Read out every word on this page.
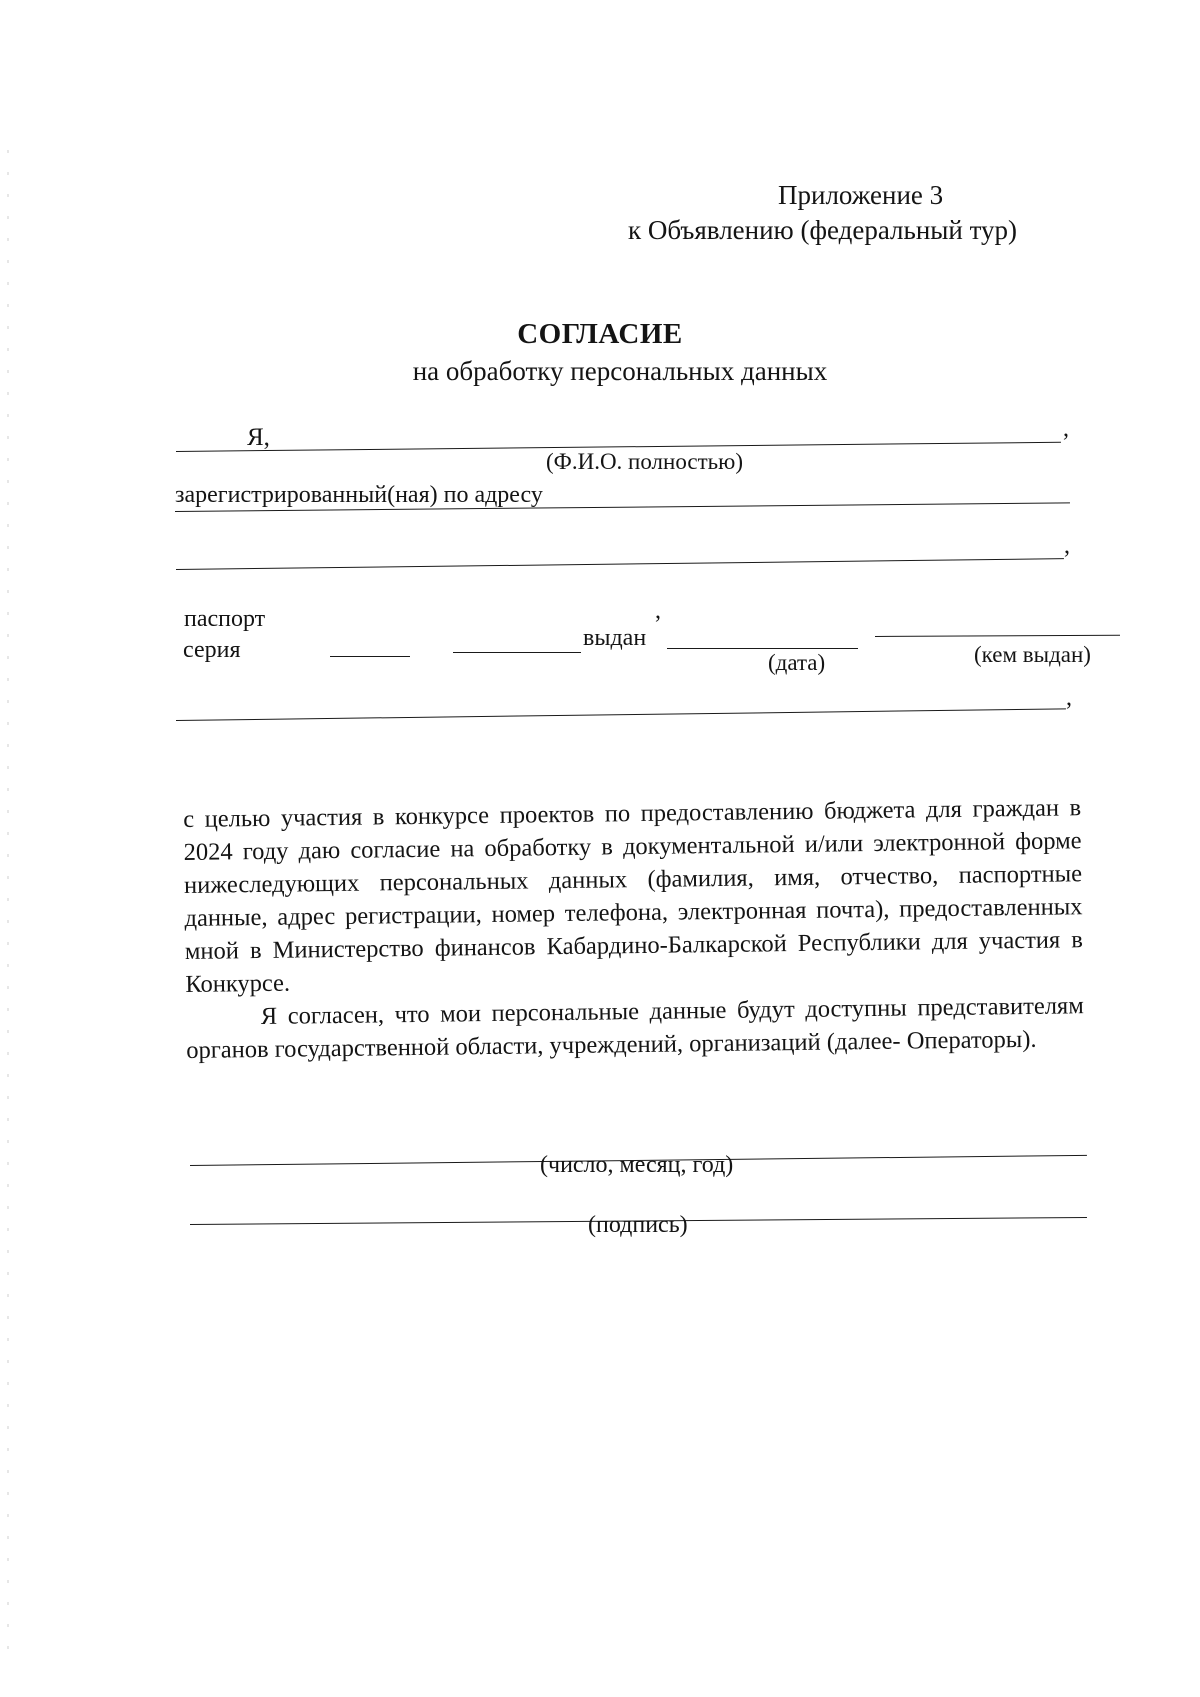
Приложение 3
к Объявлению (федеральный тур)
СОГЛАСИЕ
на обработку персональных данных
Я,	,
(Ф.И.О. полностью)
зарегистрированный(ная) по адресу
,
паспорт
серия	выдан
,
(дата)	(кем выдан)
,

с целью участия в конкурсе проектов по предоставлению бюджета для граждан в 2024 году даю согласие на обработку в документальной и/или электронной форме нижеследующих персональных данных (фамилия, имя, отчество, паспортные данные, адрес регистрации, номер телефона, электронная почта), предоставленных мной в Министерство финансов Кабардино-Балкарской Республики для участия в Конкурсе.

Я согласен, что мои персональные данные будут доступны представителям органов государственной области, учреждений, организаций (далее- Операторы).

(число, месяц, год)
(подпись)
